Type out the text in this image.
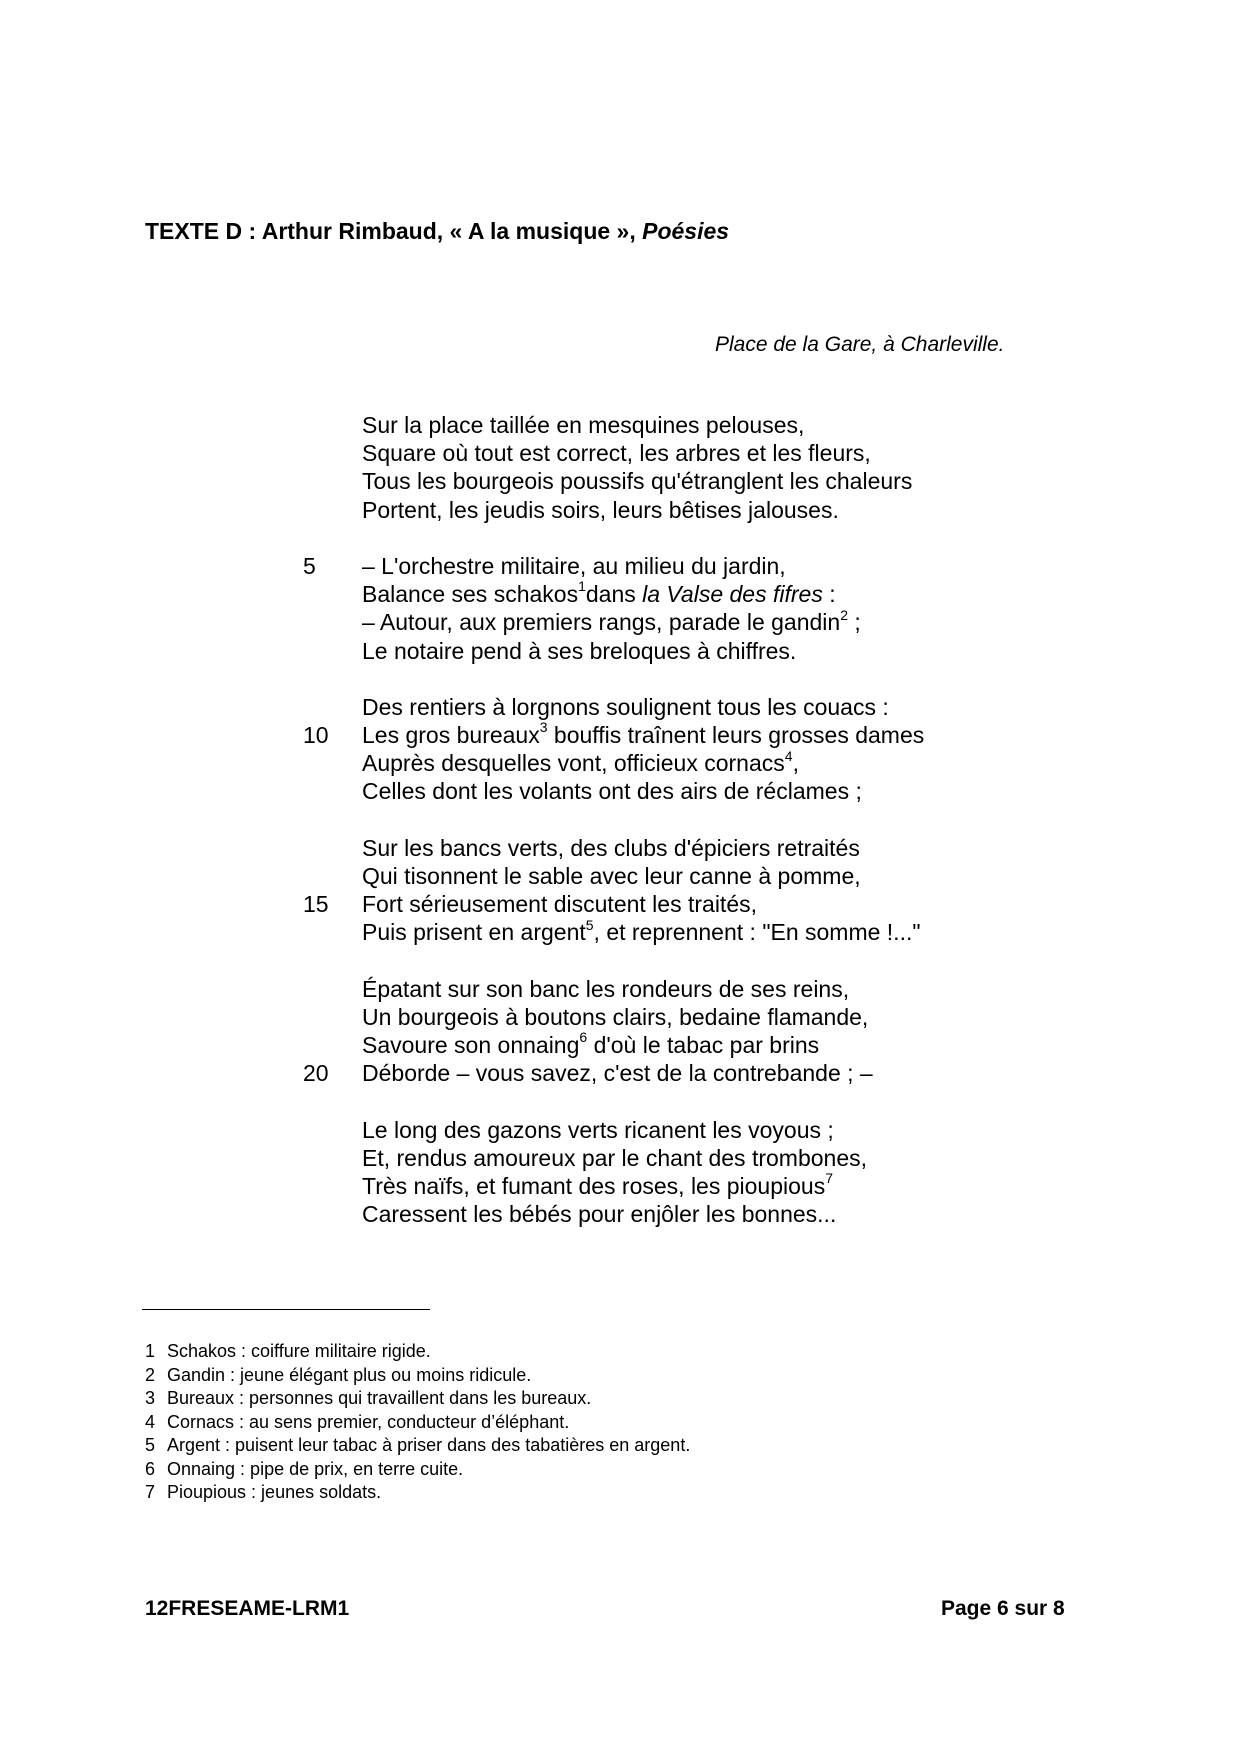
TEXTE D : Arthur Rimbaud, « A la musique », Poésies
Place de la Gare, à Charleville.
Sur la place taillée en mesquines pelouses,
Square où tout est correct, les arbres et les fleurs,
Tous les bourgeois poussifs qu'étranglent les chaleurs
Portent, les jeudis soirs, leurs bêtises jalouses.
5 – L'orchestre militaire, au milieu du jardin,
Balance ses schakos$^1$dans la Valse des fifres :
– Autour, aux premiers rangs, parade le gandin$^2$ ;
Le notaire pend à ses breloques à chiffres.
Des rentiers à lorgnons soulignent tous les couacs :
10 Les gros bureaux$^3$ bouffis traînent leurs grosses dames
Auprès desquelles vont, officieux cornacs$^4$,
Celles dont les volants ont des airs de réclames ;
Sur les bancs verts, des clubs d'épiciers retraités
Qui tisonnent le sable avec leur canne à pomme,
15 Fort sérieusement discutent les traités,
Puis prisent en argent$^5$, et reprennent : "En somme !..."
Épatant sur son banc les rondeurs de ses reins,
Un bourgeois à boutons clairs, bedaine flamande,
Savoure son onnaing$^6$ d'où le tabac par brins
20 Déborde – vous savez, c'est de la contrebande ; –
Le long des gazons verts ricanent les voyous ;
Et, rendus amoureux par le chant des trombones,
Très naïfs, et fumant des roses, les pioupious$^7$
Caressent les bébés pour enjôler les bonnes...
1 Schakos : coiffure militaire rigide.
2 Gandin : jeune élégant plus ou moins ridicule.
3 Bureaux : personnes qui travaillent dans les bureaux.
4 Cornacs : au sens premier, conducteur d’éléphant.
5 Argent : puisent leur tabac à priser dans des tabatières en argent.
6 Onnaing : pipe de prix, en terre cuite.
7 Pioupious : jeunes soldats.
12FRESEAME-LRM1	Page 6 sur 8
